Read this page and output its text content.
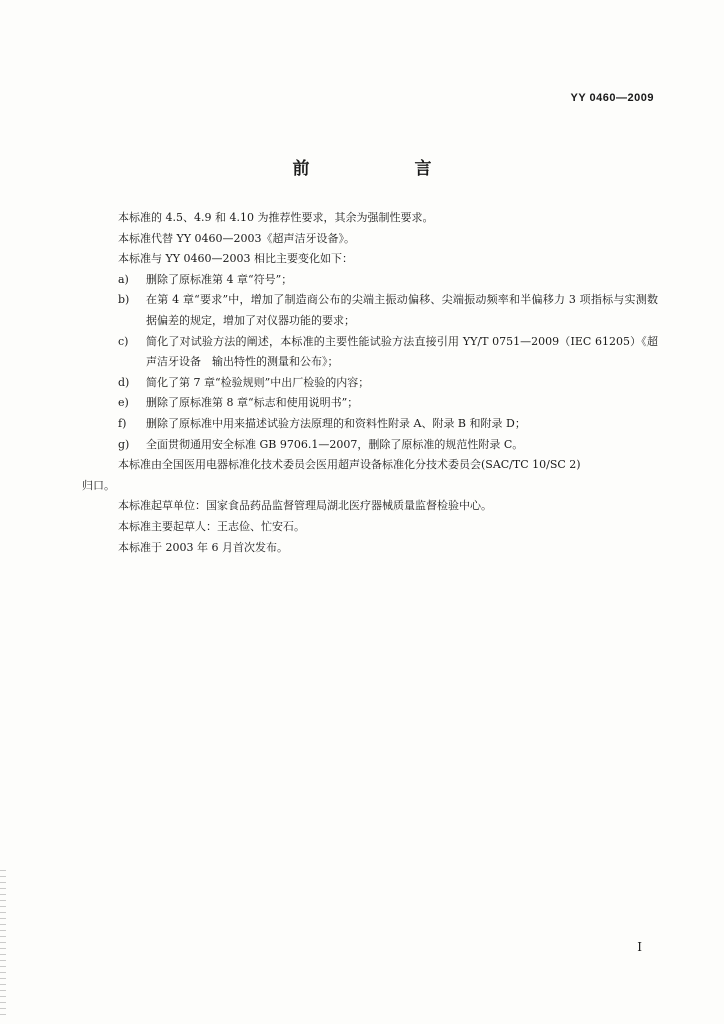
YY 0460—2009
前　言
本标准的 4.5、4.9 和 4.10 为推荐性要求，其余为强制性要求。
本标准代替 YY 0460—2003《超声洁牙设备》。
本标准与 YY 0460—2003 相比主要变化如下：
a)	删除了原标准第 4 章“符号”；
b)	在第 4 章“要求”中，增加了制造商公布的尖端主振动偏移、尖端振动频率和半偏移力 3 项指标与实测数据偏差的规定，增加了对仪器功能的要求；
c)	简化了对试验方法的阐述，本标准的主要性能试验方法直接引用 YY/T 0751—2009（IEC 61205）《超声洁牙设备　输出特性的测量和公布》；
d)	简化了第 7 章“检验规则”中出厂检验的内容；
e)	删除了原标准第 8 章“标志和使用说明书”；
f)	删除了原标准中用来描述试验方法原理的和资料性附录 A、附录 B 和附录 D；
g)	全面贯彻通用安全标准 GB 9706.1—2007，删除了原标准的规范性附录 C。
本标准由全国医用电器标准化技术委员会医用超声设备标准化分技术委员会(SAC/TC 10/SC 2)
归口。
本标准起草单位：国家食品药品监督管理局湖北医疗器械质量监督检验中心。
本标准主要起草人：王志俭、忙安石。
本标准于 2003 年 6 月首次发布。
I
